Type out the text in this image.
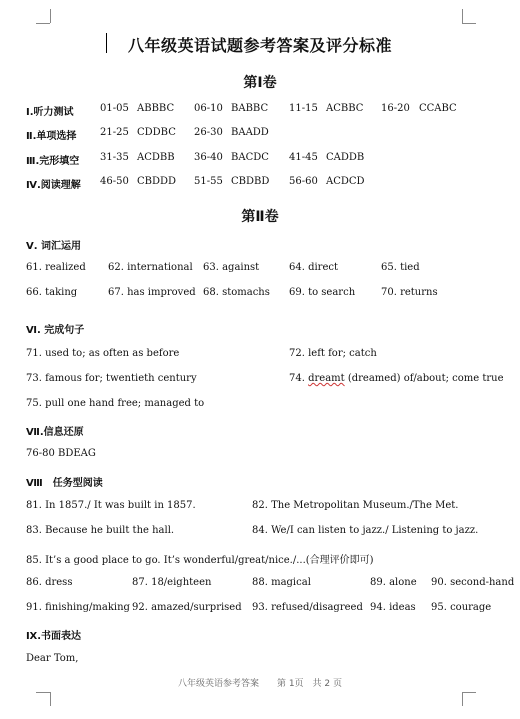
八年级英语试题参考答案及评分标准
第Ⅰ卷
Ⅰ.听力测试	01-05 ABBBC 06-10 BABBC 11-15 ACBBC 16-20 CCABC
Ⅱ.单项选择 21-25 CDDBC 26-30 BAADD
Ⅲ.完形填空 31-35 ACDBB 36-40 BACDC 41-45 CADDB
Ⅳ.阅读理解 46-50 CBDDD 51-55 CBDBD 56-60 ACDCD
第Ⅱ卷
Ⅴ. 词汇运用
61. realized 62. international 63. against	64. direct	65. tied
66. taking	67. has improved 68. stomachs 69. to search	70. returns
Ⅵ. 完成句子
71. used to; as often as before	72. left for; catch
73. famous for; twentieth century	74. dreamt (dreamed) of/about; come true
75. pull one hand free; managed to
Ⅶ.信息还原
76-80 BDEAG
Ⅷ　任务型阅读
81. In 1857./ It was built in 1857.	82. The Metropolitan Museum./The Met.
83. Because he built the hall.	84. We/I can listen to jazz./ Listening to jazz.
85. It’s a good place to go. It’s wonderful/great/nice./...(合理评价即可)
86. dress	87. 18/eighteen	88. magical	89. alone 90. second-hand
91. finishing/making 92. amazed/surprised 93. refused/disagreed 94. ideas 95. courage
Ⅸ.书面表达
Dear Tom,
八年级英语参考答案　　第 1页　共 2 页
